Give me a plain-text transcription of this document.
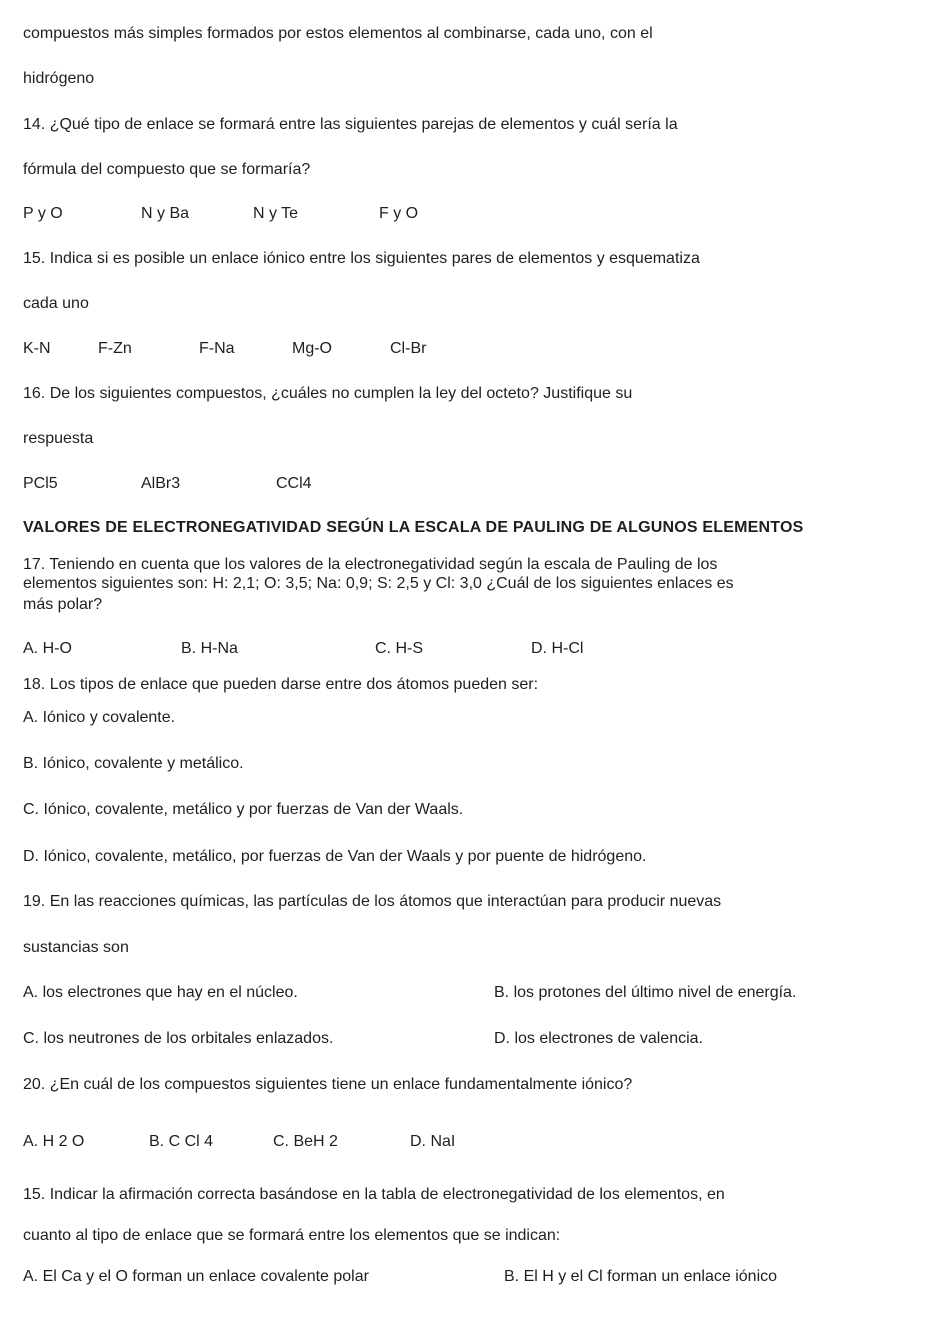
compuestos más simples formados por estos elementos al combinarse, cada uno, con el
hidrógeno
14. ¿Qué tipo de enlace se formará entre las siguientes parejas de elementos y cuál sería la
fórmula del compuesto que se formaría?
P y O	N y Ba	N y Te	F y O
15. Indica si es posible un enlace iónico entre los siguientes pares de elementos y esquematiza
cada uno
K-N	F-Zn	F-Na	Mg-O	Cl-Br
16. De los siguientes compuestos, ¿cuáles no cumplen la ley del octeto? Justifique su
respuesta
PCl5	AlBr3	CCl4
VALORES DE ELECTRONEGATIVIDAD SEGÚN LA ESCALA DE PAULING DE ALGUNOS ELEMENTOS
17. Teniendo en cuenta que los valores de la electronegatividad según la escala de Pauling de los
elementos siguientes son: H: 2,1; O: 3,5; Na: 0,9; S: 2,5 y Cl: 3,0 ¿Cuál de los siguientes enlaces es
más polar?
A. H-O	B. H-Na	C. H-S	D. H-Cl
18. Los tipos de enlace que pueden darse entre dos átomos pueden ser:
A. Iónico y covalente.
B. Iónico, covalente y metálico.
C. Iónico, covalente, metálico y por fuerzas de Van der Waals.
D. Iónico, covalente, metálico, por fuerzas de Van der Waals y por puente de hidrógeno.
19. En las reacciones químicas, las partículas de los átomos que interactúan para producir nuevas
sustancias son
A. los electrones que hay en el núcleo.	B. los protones del último nivel de energía.
C. los neutrones de los orbitales enlazados.	D. los electrones de valencia.
20. ¿En cuál de los compuestos siguientes tiene un enlace fundamentalmente iónico?
A. H 2 O	B. C Cl 4	C. BeH 2	D. NaI
15. Indicar la afirmación correcta basándose en la tabla de electronegatividad de los elementos, en
cuanto al tipo de enlace que se formará entre los elementos que se indican:
A. El Ca y el O forman un enlace covalente polar	B. El H y el Cl forman un enlace iónico
